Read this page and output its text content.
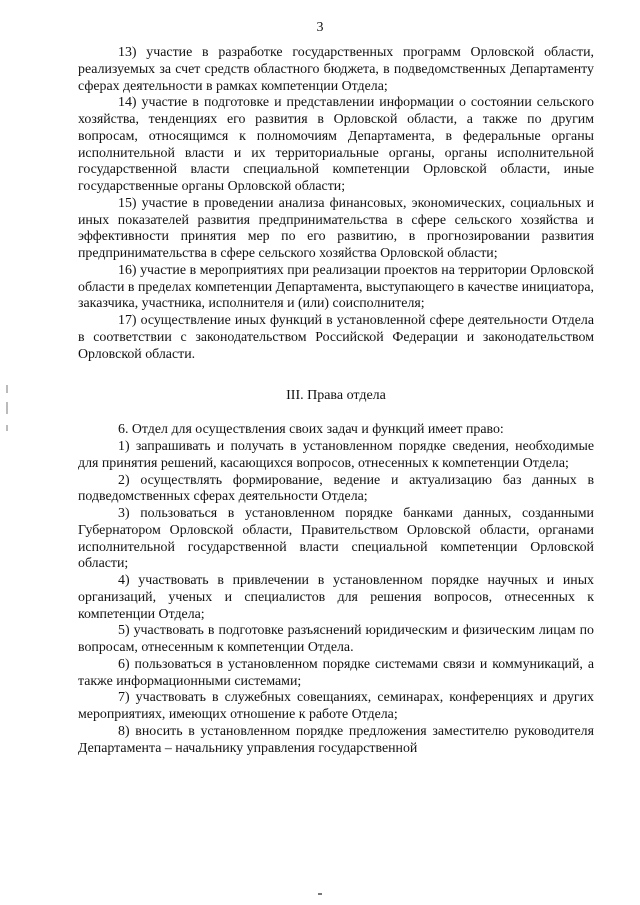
3

13) участие в разработке государственных программ Орловской области, реализуемых за счет средств областного бюджета, в подведомственных Департаменту сферах деятельности в рамках компетенции Отдела;

14) участие в подготовке и представлении информации о состоянии сельского хозяйства, тенденциях его развития в Орловской области, а также по другим вопросам, относящимся к полномочиям Департамента, в федеральные органы исполнительной власти и их территориальные органы, органы исполнительной государственной власти специальной компетенции Орловской области, иные государственные органы Орловской области;

15) участие в проведении анализа финансовых, экономических, социальных и иных показателей развития предпринимательства в сфере сельского хозяйства и эффективности принятия мер по его развитию, в прогнозировании развития предпринимательства в сфере сельского хозяйства Орловской области;

16) участие в мероприятиях при реализации проектов на территории Орловской области в пределах компетенции Департамента, выступающего в качестве инициатора, заказчика, участника, исполнителя и (или) соисполнителя;

17) осуществление иных функций в установленной сфере деятельности Отдела в соответствии с законодательством Российской Федерации и законодательством Орловской области.

III. Права отдела

6. Отдел для осуществления своих задач и функций имеет право:

1) запрашивать и получать в установленном порядке сведения, необходимые для принятия решений, касающихся вопросов, отнесенных к компетенции Отдела;

2) осуществлять формирование, ведение и актуализацию баз данных в подведомственных сферах деятельности Отдела;

3) пользоваться в установленном порядке банками данных, созданными Губернатором Орловской области, Правительством Орловской области, органами исполнительной государственной власти специальной компетенции Орловской области;

4) участвовать в привлечении в установленном порядке научных и иных организаций, ученых и специалистов для решения вопросов, отнесенных к компетенции Отдела;

5) участвовать в подготовке разъяснений юридическим и физическим лицам по вопросам, отнесенным к компетенции Отдела.

6) пользоваться в установленном порядке системами связи и коммуникаций, а также информационными системами;

7) участвовать в служебных совещаниях, семинарах, конференциях и других мероприятиях, имеющих отношение к работе Отдела;

8) вносить в установленном порядке предложения заместителю руководителя Департамента – начальнику управления государственной
